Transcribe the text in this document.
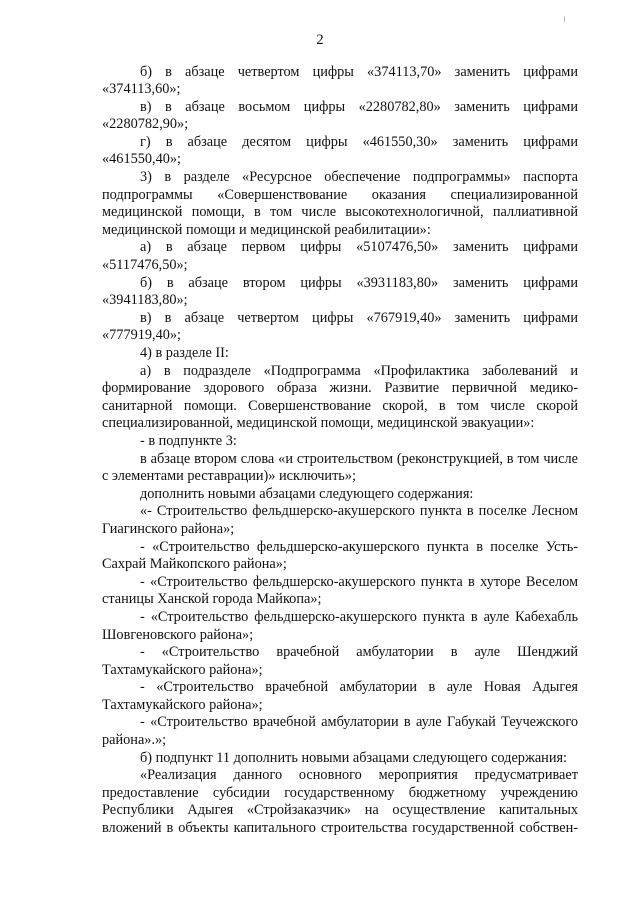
2

б) в абзаце четвертом цифры «374113,70» заменить цифрами «374113,60»;

в) в абзаце восьмом цифры «2280782,80» заменить цифрами «2280782,90»;

г) в абзаце десятом цифры «461550,30» заменить цифрами «461550,40»;

3) в разделе «Ресурсное обеспечение подпрограммы» паспорта подпрограммы «Совершенствование оказания специализированной медицинской помощи, в том числе высокотехнологичной, паллиативной медицинской помощи и медицинской реабилитации»:

а) в абзаце первом цифры «5107476,50» заменить цифрами «5117476,50»;

б) в абзаце втором цифры «3931183,80» заменить цифрами «3941183,80»;

в) в абзаце четвертом цифры «767919,40» заменить цифрами «777919,40»;

4) в разделе II:

а) в подразделе «Подпрограмма «Профилактика заболеваний и формирование здорового образа жизни. Развитие первичной медико-санитарной помощи. Совершенствование скорой, в том числе скорой специализированной, медицинской помощи, медицинской эвакуации»:

- в подпункте 3:

в абзаце втором слова «и строительством (реконструкцией, в том числе с элементами реставрации)» исключить»;

дополнить новыми абзацами следующего содержания:

«- Строительство фельдшерско-акушерского пункта в поселке Лесном Гиагинского района»;

- «Строительство фельдшерско-акушерского пункта в поселке Усть-Сахрай Майкопского района»;

- «Строительство фельдшерско-акушерского пункта в хуторе Веселом станицы Ханской города Майкопа»;

- «Строительство фельдшерско-акушерского пункта в ауле Кабехабль Шовгеновского района»;

- «Строительство врачебной амбулатории в ауле Шенджий Тахтамукайского района»;

- «Строительство врачебной амбулатории в ауле Новая Адыгея Тахтамукайского района»;

- «Строительство врачебной амбулатории в ауле Габукай Теучежского района».»;

б) подпункт 11 дополнить новыми абзацами следующего содержания:

«Реализация данного основного мероприятия предусматривает предоставление субсидии государственному бюджетному учреждению Республики Адыгея «Стройзаказчик» на осуществление капитальных вложений в объекты капитального строительства государственной собствен-
